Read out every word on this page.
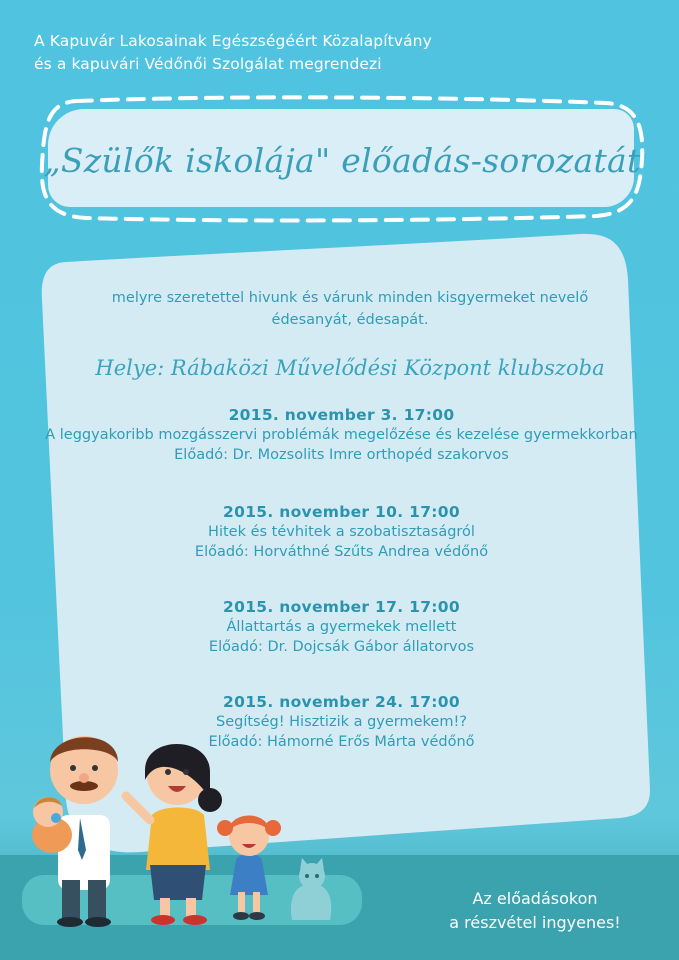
A Kapuvár Lakosainak Egészségéért Közalapítvány
és a kapuvári Védőnői Szolgálat megrendezi
„Szülők iskolája" előadás-sorozatát
melyre szeretettel hivunk és várunk minden kisgyermeket nevelő
édesanyát, édesapát.
Helye: Rábaközi Művelődési Központ klubszoba
2015. november 3. 17:00
A leggyakoribb mozgásszervi problémák megelőzése és kezelése gyermekkorban
Előadó: Dr. Mozsolits Imre orthopéd szakorvos
2015. november 10. 17:00
Hitek és tévhitek a szobatisztaságról
Előadó: Horváthné Szűts Andrea védőnő
2015. november 17. 17:00
Állattartás a gyermekek mellett
Előadó: Dr. Dojcsák Gábor állatorvos
2015. november 24. 17:00
Segítség! Hisztizik a gyermekem!?
Előadó: Hámorné Erős Márta védőnő
Az előadásokon
a részvétel ingyenes!
